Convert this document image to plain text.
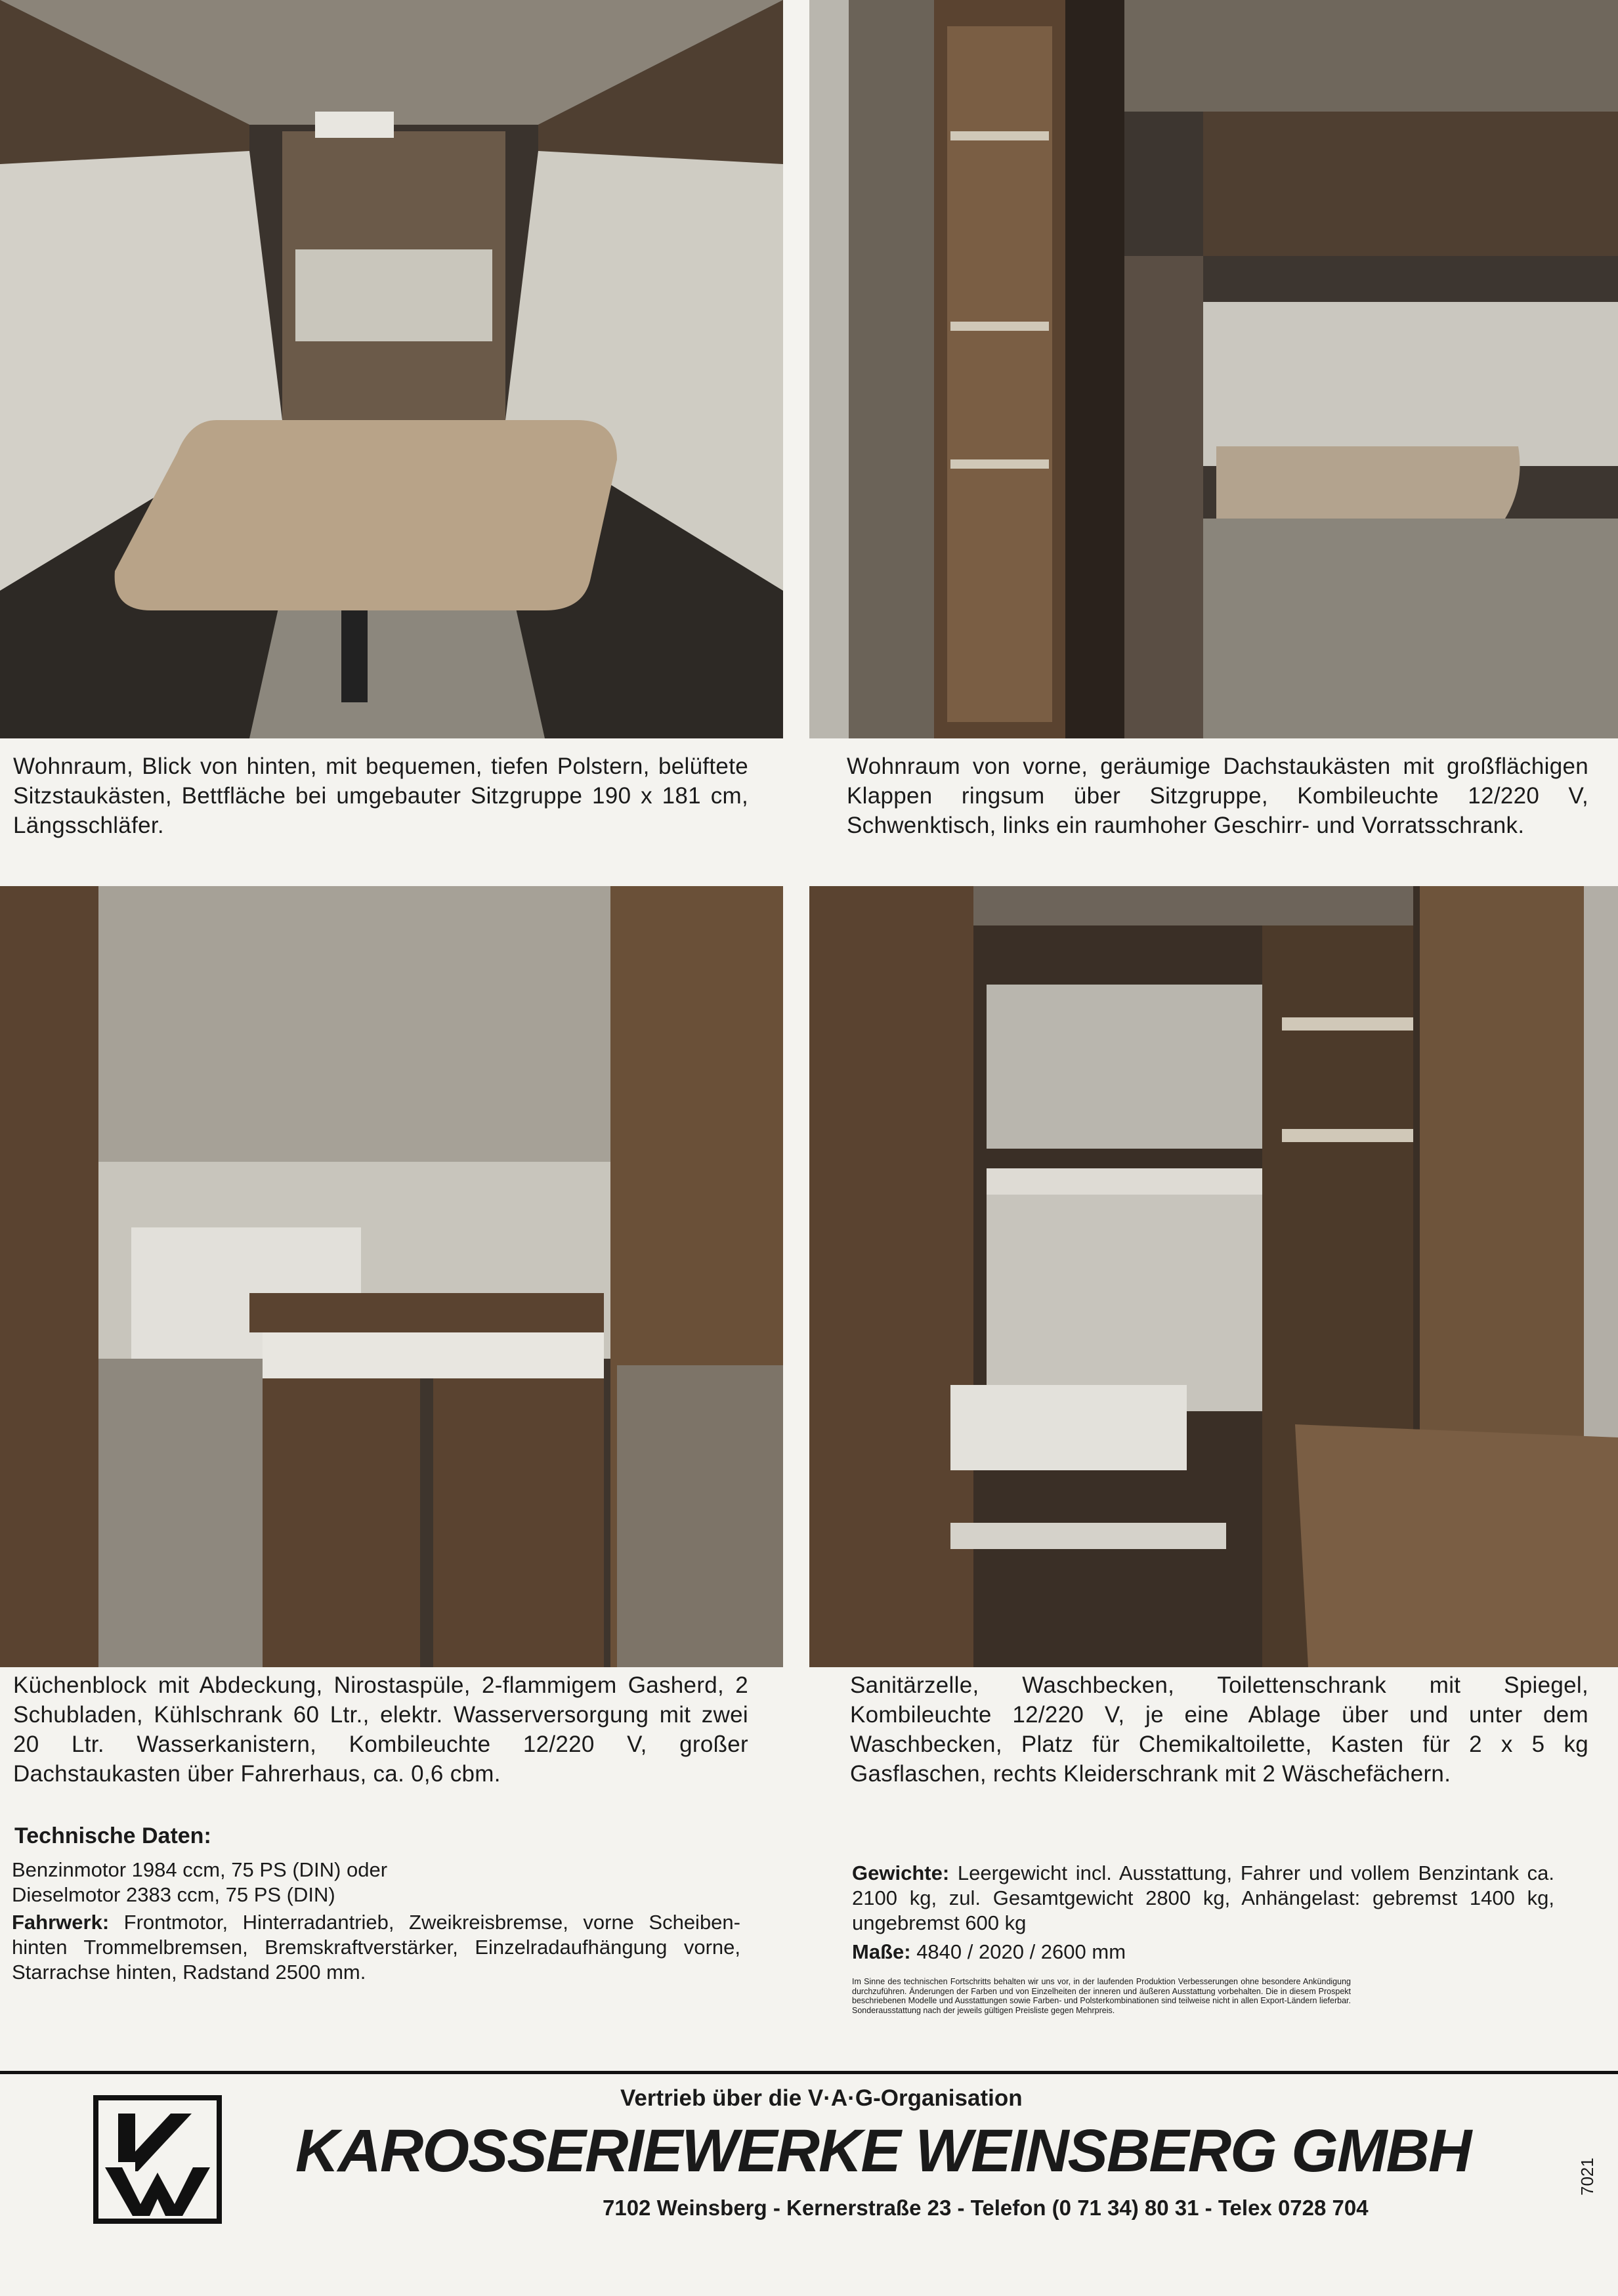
Wohnraum, Blick von hinten, mit bequemen, tiefen Polstern, belüftete Sitzstaukästen, Bettfläche bei umgebauter Sitzgruppe 190 x 181 cm, Längsschläfer.
Wohnraum von vorne, geräumige Dachstaukästen mit großflächigen Klappen ringsum über Sitzgruppe, Kombileuchte 12/220 V, Schwenktisch, links ein raumhoher Geschirr- und Vorratsschrank.
Küchenblock mit Abdeckung, Nirostaspüle, 2-flammigem Gasherd, 2 Schubladen, Kühlschrank 60 Ltr., elektr. Wasserversorgung mit zwei 20 Ltr. Wasserkanistern, Kombileuchte 12/220 V, großer Dachstaukasten über Fahrerhaus, ca. 0,6 cbm.
Sanitärzelle, Waschbecken, Toilettenschrank mit Spiegel, Kombileuchte 12/220 V, je eine Ablage über und unter dem Waschbecken, Platz für Chemikaltoilette, Kasten für 2 x 5 kg Gasflaschen, rechts Kleiderschrank mit 2 Wäschefächern.
Technische Daten:
Benzinmotor 1984 ccm, 75 PS (DIN) oder
Dieselmotor 2383 ccm, 75 PS (DIN)
Fahrwerk: Frontmotor, Hinterradantrieb, Zweikreisbremse, vorne Scheiben- hinten Trommelbremsen, Bremskraftverstärker, Einzelradaufhängung vorne, Starrachse hinten, Radstand 2500 mm.
Gewichte: Leergewicht incl. Ausstattung, Fahrer und vollem Benzintank ca. 2100 kg, zul. Gesamtgewicht 2800 kg, Anhängelast: gebremst 1400 kg, ungebremst 600 kg
Maße: 4840 / 2020 / 2600 mm
Im Sinne des technischen Fortschritts behalten wir uns vor, in der laufenden Produktion Verbesserungen ohne besondere Ankündigung durchzuführen. Änderungen der Farben und von Einzelheiten der inneren und äußeren Ausstattung vorbehalten. Die in diesem Prospekt beschriebenen Modelle und Ausstattungen sowie Farben- und Polsterkombinationen sind teilweise nicht in allen Export-Ländern lieferbar. Sonderausstattung nach der jeweils gültigen Preisliste gegen Mehrpreis.
Vertrieb über die V·A·G-Organisation
KAROSSERIEWERKE WEINSBERG GMBH
7102 Weinsberg - Kernerstraße 23 - Telefon (0 71 34) 80 31 - Telex 0728 704
7021
